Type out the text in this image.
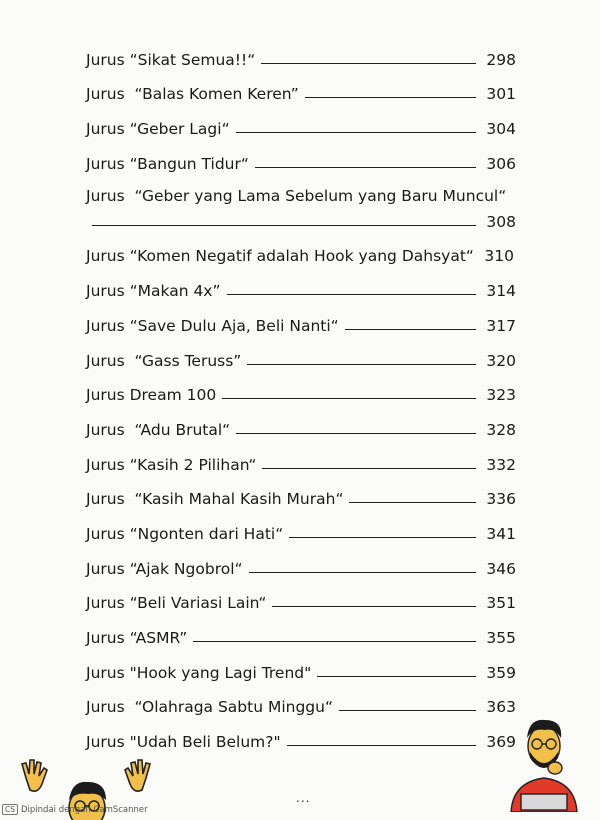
Jurus “Sikat Semua!!“	298
Jurus  “Balas Komen Keren”	301
Jurus “Geber Lagi“	304
Jurus “Bangun Tidur“	306
Jurus  “Geber yang Lama Sebelum yang Baru Muncul“
308
Jurus “Komen Negatif adalah Hook yang Dahsyat“ 310
Jurus “Makan 4x”	314
Jurus “Save Dulu Aja, Beli Nanti“	317
Jurus  “Gass Teruss”	320
Jurus Dream 100	323
Jurus  “Adu Brutal“	328
Jurus “Kasih 2 Pilihan“	332
Jurus  “Kasih Mahal Kasih Murah“	336
Jurus “Ngonten dari Hati“	341
Jurus “Ajak Ngobrol“	346
Jurus “Beli Variasi Lain“	351
Jurus “ASMR”	355
Jurus "Hook yang Lagi Trend"	359
Jurus  “Olahraga Sabtu Minggu“	363
Jurus "Udah Beli Belum?"	369
...
CS Dipindai dengan CamScanner
